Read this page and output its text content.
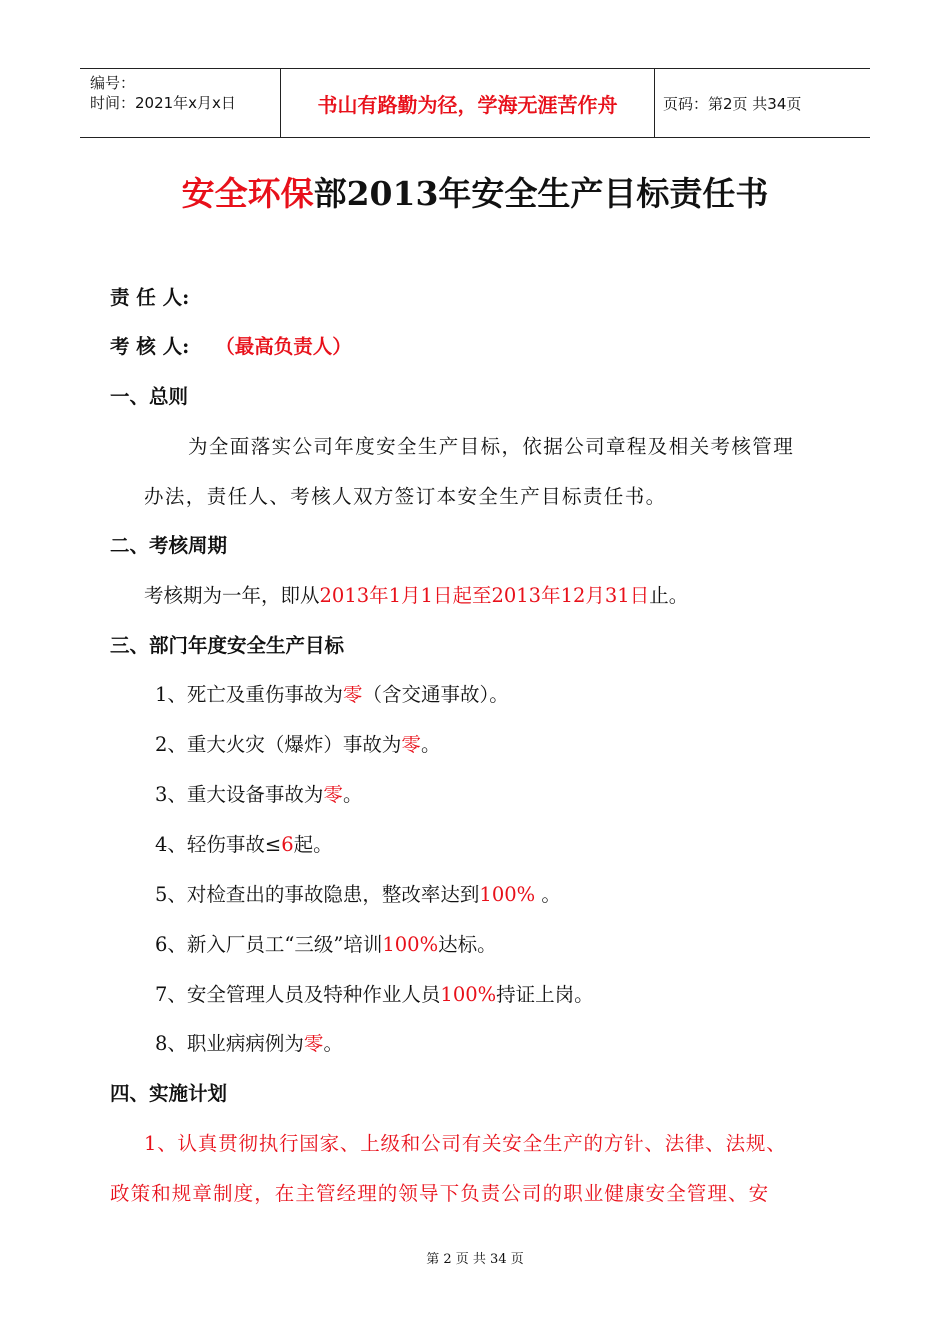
编号：
时间：2021年x月x日	书山有路勤为径，学海无涯苦作舟	页码：第2页 共34页
安全环保部2013年安全生产目标责任书
责 任 人:
考 核 人: （最高负责人）
一、总则
为全面落实公司年度安全生产目标，依据公司章程及相关考核管理
办法，责任人、考核人双方签订本安全生产目标责任书。
二、考核周期
考核期为一年，即从2013年1月1日起至2013年12月31日止。
三、部门年度安全生产目标
1、死亡及重伤事故为零（含交通事故）。
2、重大火灾（爆炸）事故为零。
3、重大设备事故为零。
4、轻伤事故≤6起。
5、对检查出的事故隐患，整改率达到100% 。
6、新入厂员工“三级”培训100%达标。
7、安全管理人员及特种作业人员100%持证上岗。
8、职业病病例为零。
四、实施计划
1、认真贯彻执行国家、上级和公司有关安全生产的方针、法律、法规、
政策和规章制度，在主管经理的领导下负责公司的职业健康安全管理、安
第 2 页 共 34 页
